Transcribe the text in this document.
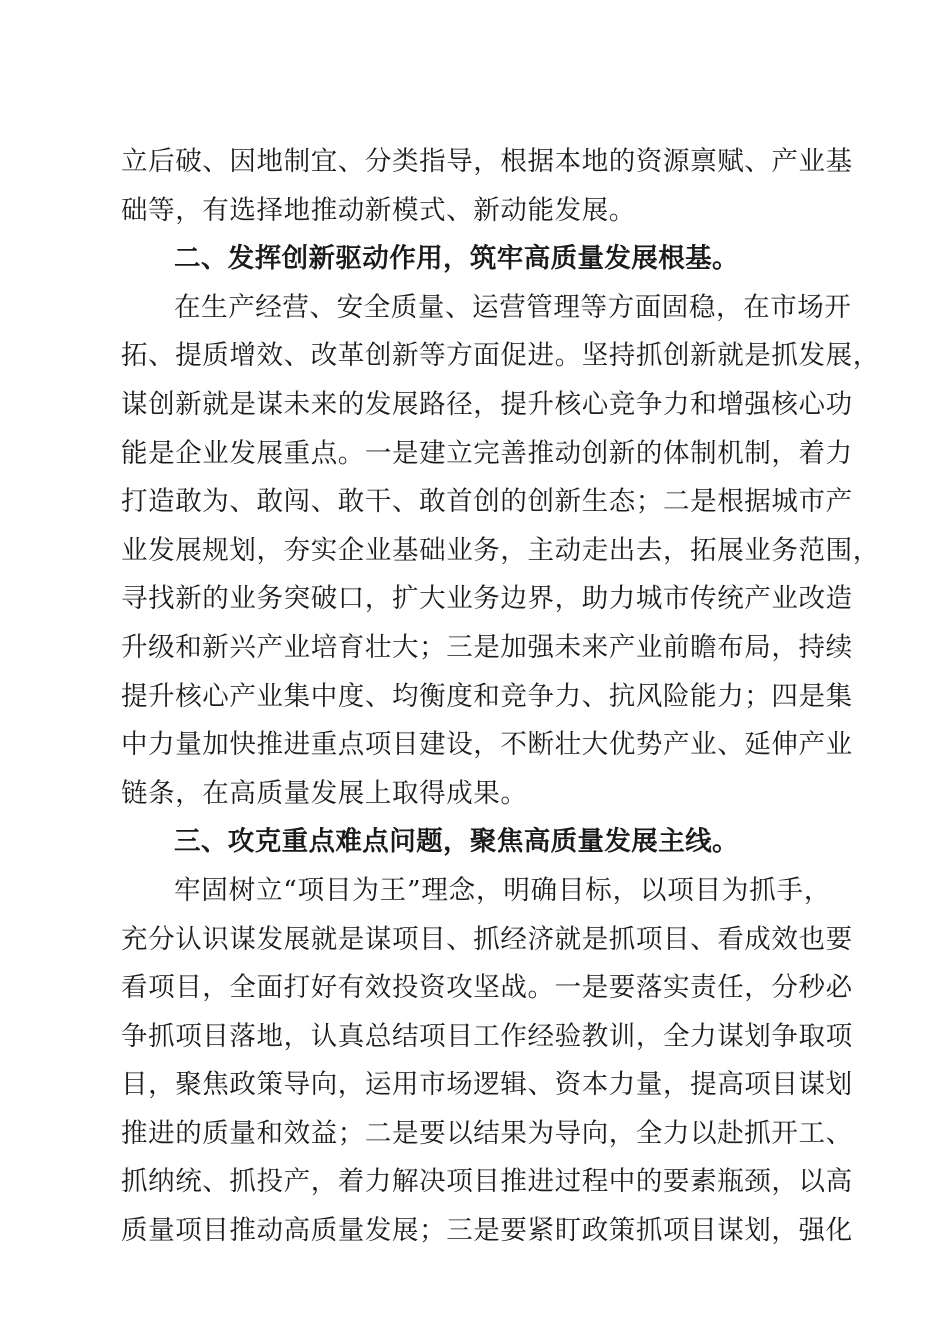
立后破、因地制宜、分类指导，根据本地的资源禀赋、产业基
础等，有选择地推动新模式、新动能发展。
二、发挥创新驱动作用，筑牢高质量发展根基。
在生产经营、安全质量、运营管理等方面固稳，在市场开
拓、提质增效、改革创新等方面促进。坚持抓创新就是抓发展，
谋创新就是谋未来的发展路径，提升核心竞争力和增强核心功
能是企业发展重点。一是建立完善推动创新的体制机制，着力
打造敢为、敢闯、敢干、敢首创的创新生态；二是根据城市产
业发展规划，夯实企业基础业务，主动走出去，拓展业务范围，
寻找新的业务突破口，扩大业务边界，助力城市传统产业改造
升级和新兴产业培育壮大；三是加强未来产业前瞻布局，持续
提升核心产业集中度、均衡度和竞争力、抗风险能力；四是集
中力量加快推进重点项目建设，不断壮大优势产业、延伸产业
链条，在高质量发展上取得成果。
三、攻克重点难点问题，聚焦高质量发展主线。
牢固树立“项目为王”理念，明确目标，以项目为抓手，
充分认识谋发展就是谋项目、抓经济就是抓项目、看成效也要
看项目，全面打好有效投资攻坚战。一是要落实责任，分秒必
争抓项目落地，认真总结项目工作经验教训，全力谋划争取项
目，聚焦政策导向，运用市场逻辑、资本力量，提高项目谋划
推进的质量和效益；二是要以结果为导向，全力以赴抓开工、
抓纳统、抓投产，着力解决项目推进过程中的要素瓶颈，以高
质量项目推动高质量发展；三是要紧盯政策抓项目谋划，强化
